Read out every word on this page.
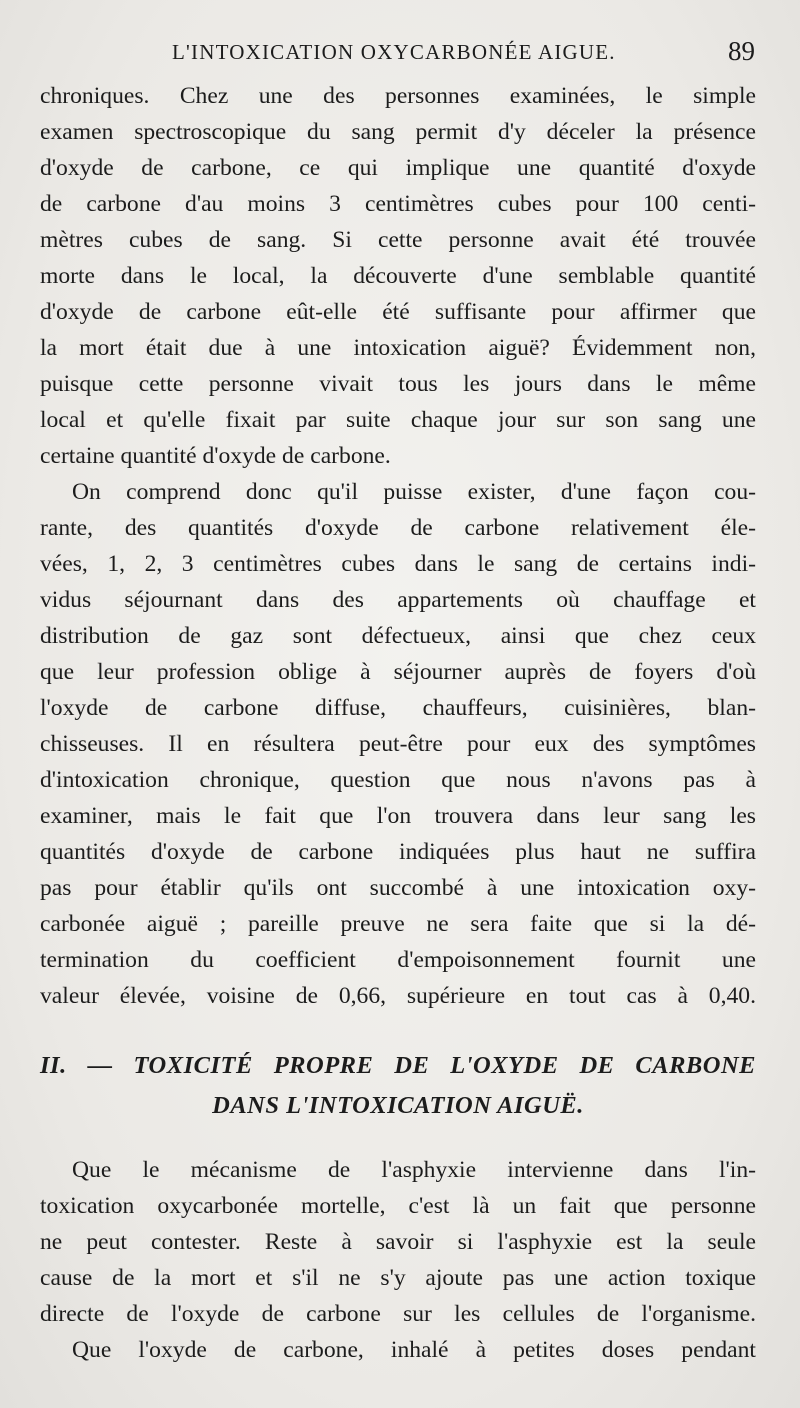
L'INTOXICATION OXYCARBONÉE AIGUE.	89
chroniques. Chez une des personnes examinées, le simple
examen spectroscopique du sang permit d'y déceler la présence
d'oxyde de carbone, ce qui implique une quantité d'oxyde
de carbone d'au moins 3 centimètres cubes pour 100 centi-
mètres cubes de sang. Si cette personne avait été trouvée
morte dans le local, la découverte d'une semblable quantité
d'oxyde de carbone eût-elle été suffisante pour affirmer que
la mort était due à une intoxication aiguë? Évidemment non,
puisque cette personne vivait tous les jours dans le même
local et qu'elle fixait par suite chaque jour sur son sang une
certaine quantité d'oxyde de carbone.
On comprend donc qu'il puisse exister, d'une façon cou-
rante, des quantités d'oxyde de carbone relativement éle-
vées, 1, 2, 3 centimètres cubes dans le sang de certains indi-
vidus séjournant dans des appartements où chauffage et
distribution de gaz sont défectueux, ainsi que chez ceux
que leur profession oblige à séjourner auprès de foyers d'où
l'oxyde de carbone diffuse, chauffeurs, cuisinières, blan-
chisseuses. Il en résultera peut-être pour eux des symptômes
d'intoxication chronique, question que nous n'avons pas à
examiner, mais le fait que l'on trouvera dans leur sang les
quantités d'oxyde de carbone indiquées plus haut ne suffira
pas pour établir qu'ils ont succombé à une intoxication oxy-
carbonée aiguë ; pareille preuve ne sera faite que si la dé-
termination du coefficient d'empoisonnement fournit une
valeur élevée, voisine de 0,66, supérieure en tout cas à 0,40.
II. — TOXICITÉ PROPRE DE L'OXYDE DE CARBONE
DANS L'INTOXICATION AIGUË.
Que le mécanisme de l'asphyxie intervienne dans l'in-
toxication oxycarbonée mortelle, c'est là un fait que personne
ne peut contester. Reste à savoir si l'asphyxie est la seule
cause de la mort et s'il ne s'y ajoute pas une action toxique
directe de l'oxyde de carbone sur les cellules de l'organisme.
Que l'oxyde de carbone, inhalé à petites doses pendant
